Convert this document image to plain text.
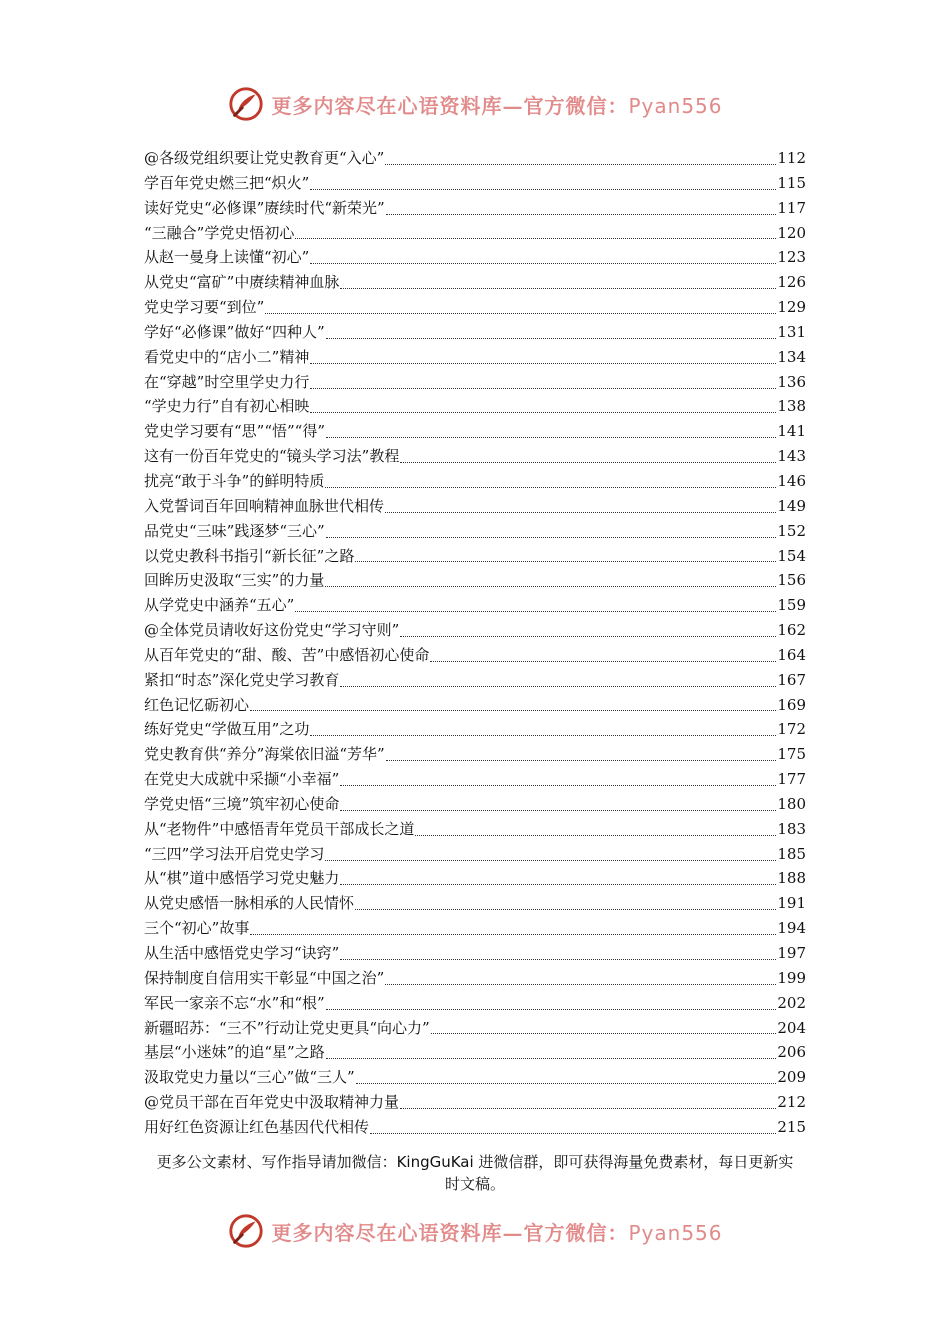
更多内容尽在心语资料库—官方微信：Pyan556
@各级党组织要让党史教育更“入心”	112
学百年党史燃三把“炽火”	115
读好党史“必修课”赓续时代“新荣光”	117
“三融合”学党史悟初心	120
从赵一曼身上读懂“初心”	123
从党史“富矿”中赓续精神血脉	126
党史学习要“到位”	129
学好“必修课”做好“四种人”	131
看党史中的“店小二”精神	134
在“穿越”时空里学史力行	136
“学史力行”自有初心相映	138
党史学习要有“思”“悟”“得”	141
这有一份百年党史的“镜头学习法”教程	143
扰亮“敢于斗争”的鲜明特质	146
入党誓词百年回响精神血脉世代相传	149
品党史“三味”践逐梦“三心”	152
以党史教科书指引“新长征”之路	154
回眸历史汲取“三实”的力量	156
从学党史中涵养“五心”	159
@全体党员请收好这份党史“学习守则”	162
从百年党史的“甜、酸、苦”中感悟初心使命	164
紧扣“时态”深化党史学习教育	167
红色记忆砺初心	169
练好党史“学做互用”之功	172
党史教育供“养分”海棠依旧溢“芳华”	175
在党史大成就中采撷“小幸福”	177
学党史悟“三境”筑牢初心使命	180
从“老物件”中感悟青年党员干部成长之道	183
“三四”学习法开启党史学习	185
从“棋”道中感悟学习党史魅力	188
从党史感悟一脉相承的人民情怀	191
三个“初心”故事	194
从生活中感悟党史学习“诀窍”	197
保持制度自信用实干彰显“中国之治”	199
军民一家亲不忘“水”和“根”	202
新疆昭苏：“三不”行动让党史更具“向心力”	204
基层“小迷妹”的追“星”之路	206
汲取党史力量以“三心”做“三人”	209
@党员干部在百年党史中汲取精神力量	212
用好红色资源让红色基因代代相传	215
更多公文素材、写作指导请加微信：KingGuKai 进微信群，即可获得海量免费素材，每日更新实时文稿。
更多内容尽在心语资料库—官方微信：Pyan556
